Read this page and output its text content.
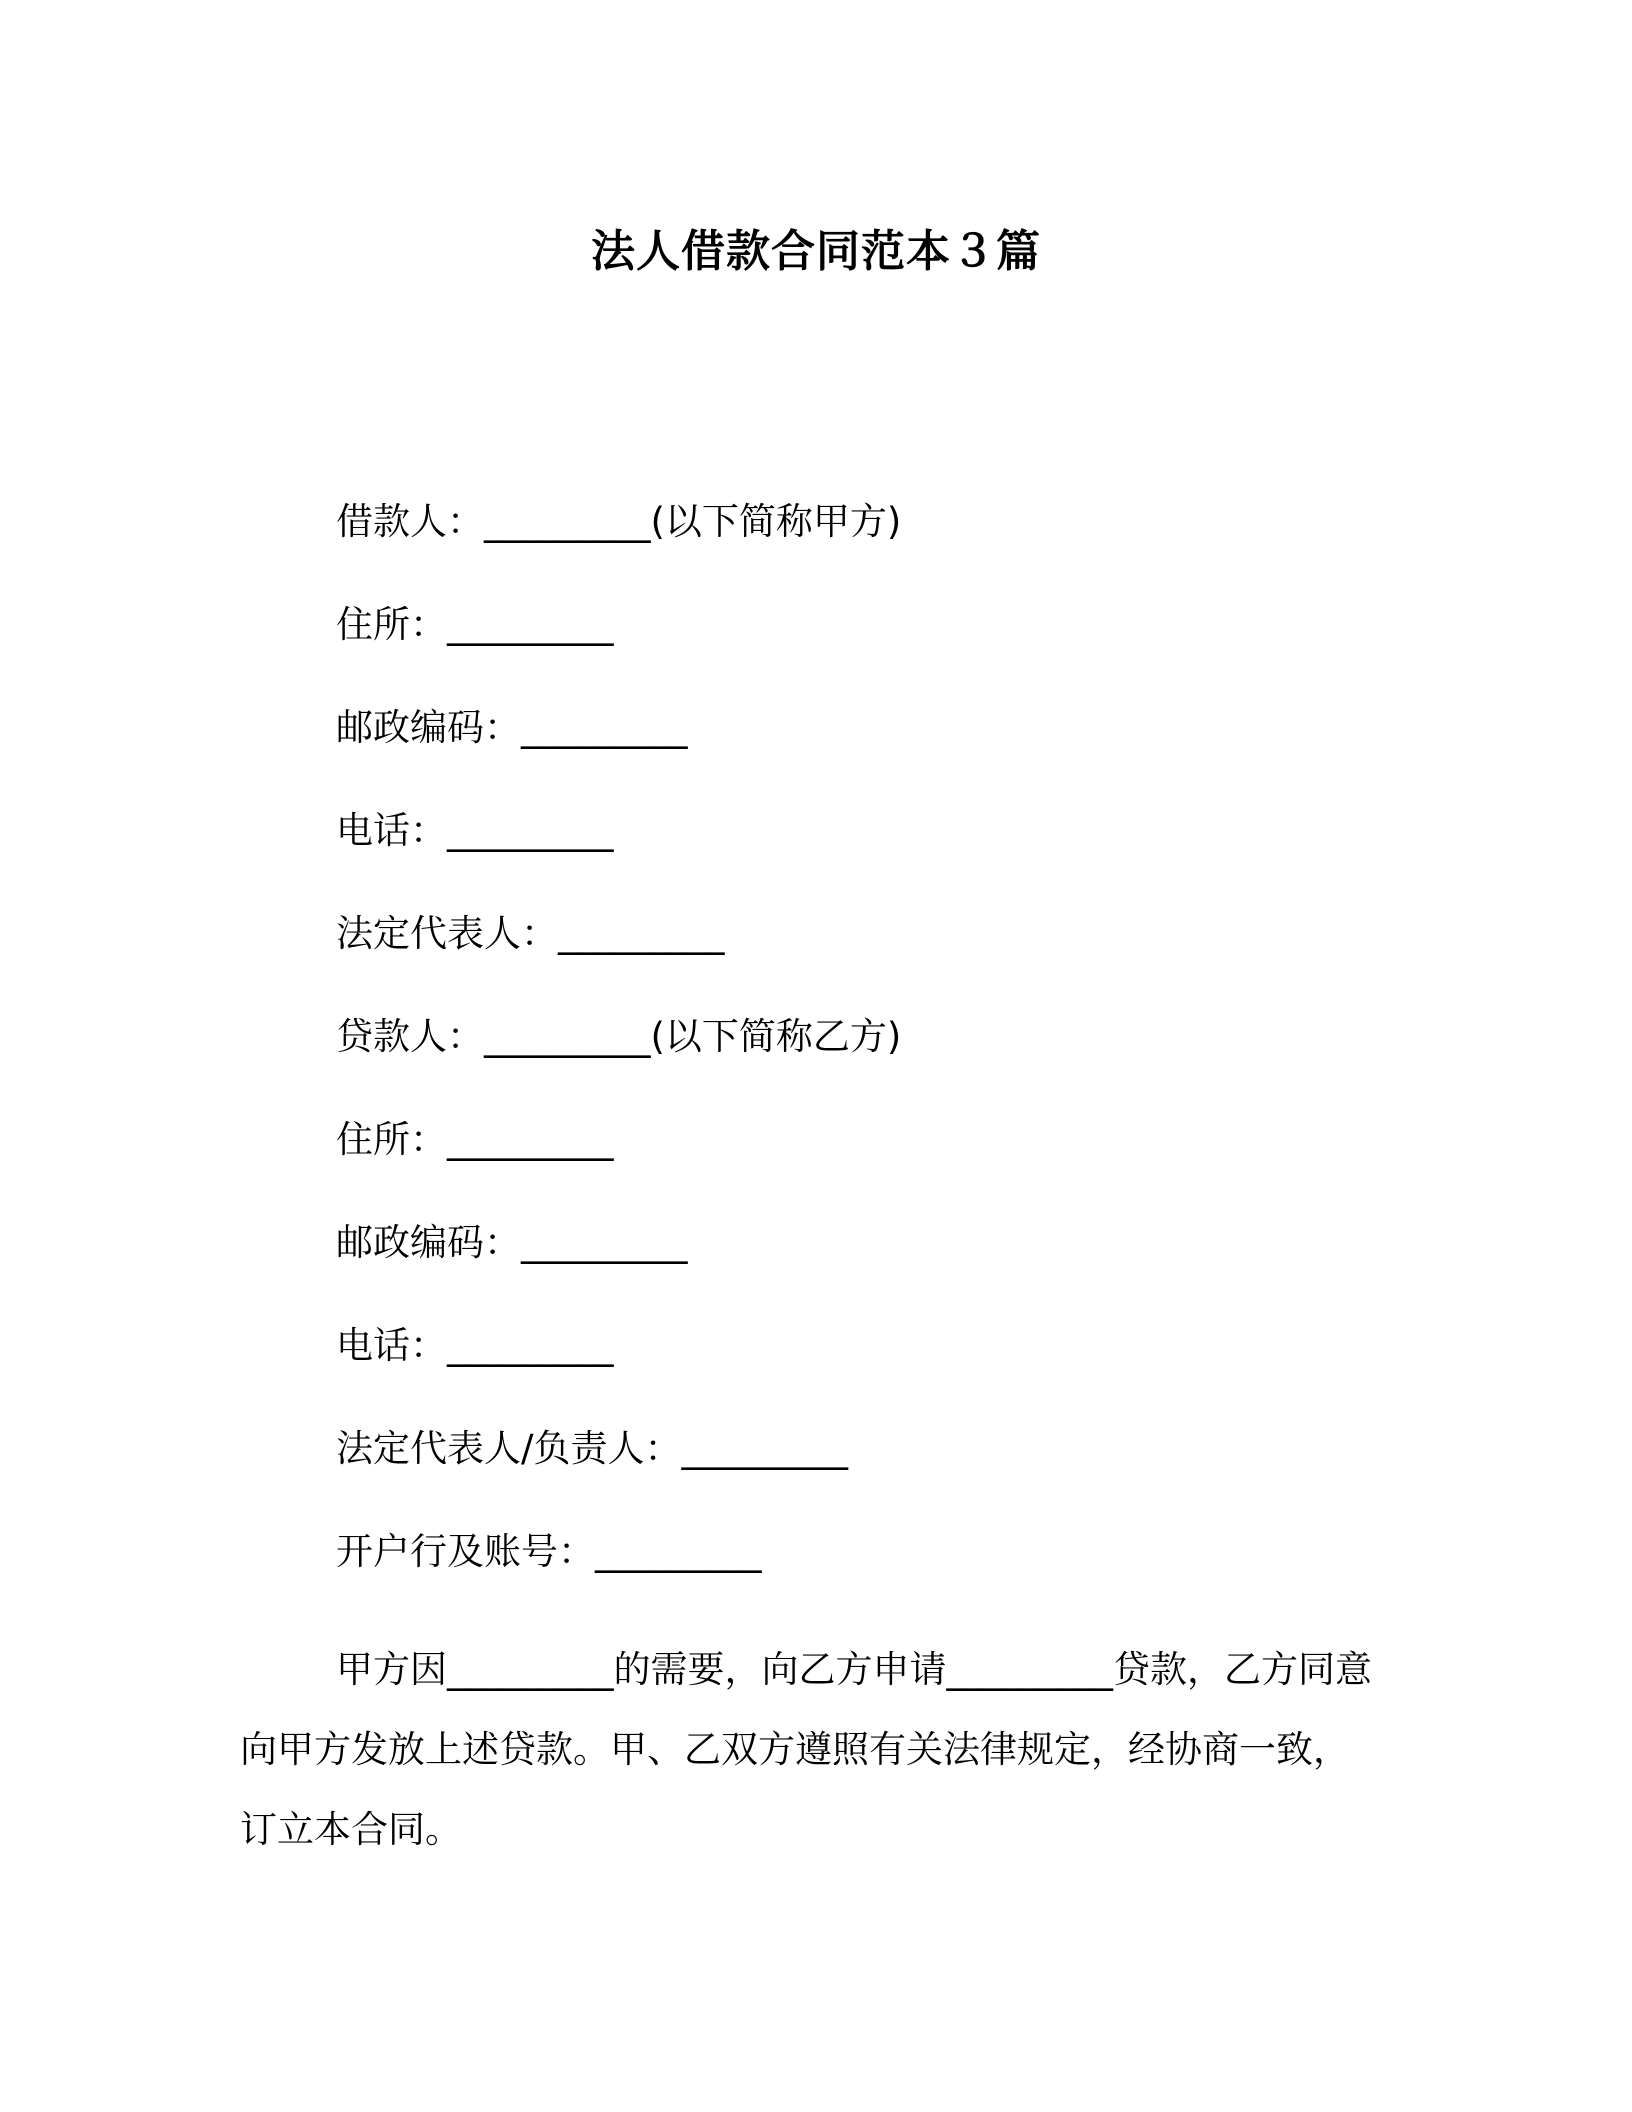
法人借款合同范本３篇
借款人：_________(以下简称甲方)
住所：_________
邮政编码：_________
电话：_________
法定代表人：_________
贷款人：_________(以下简称乙方)
住所：_________
邮政编码：_________
电话：_________
法定代表人/负责人：_________
开户行及账号：_________
甲方因_________的需要，向乙方申请_________贷款，乙方同意向甲方发放上述贷款。甲、乙双方遵照有关法律规定，经协商一致，订立本合同。
